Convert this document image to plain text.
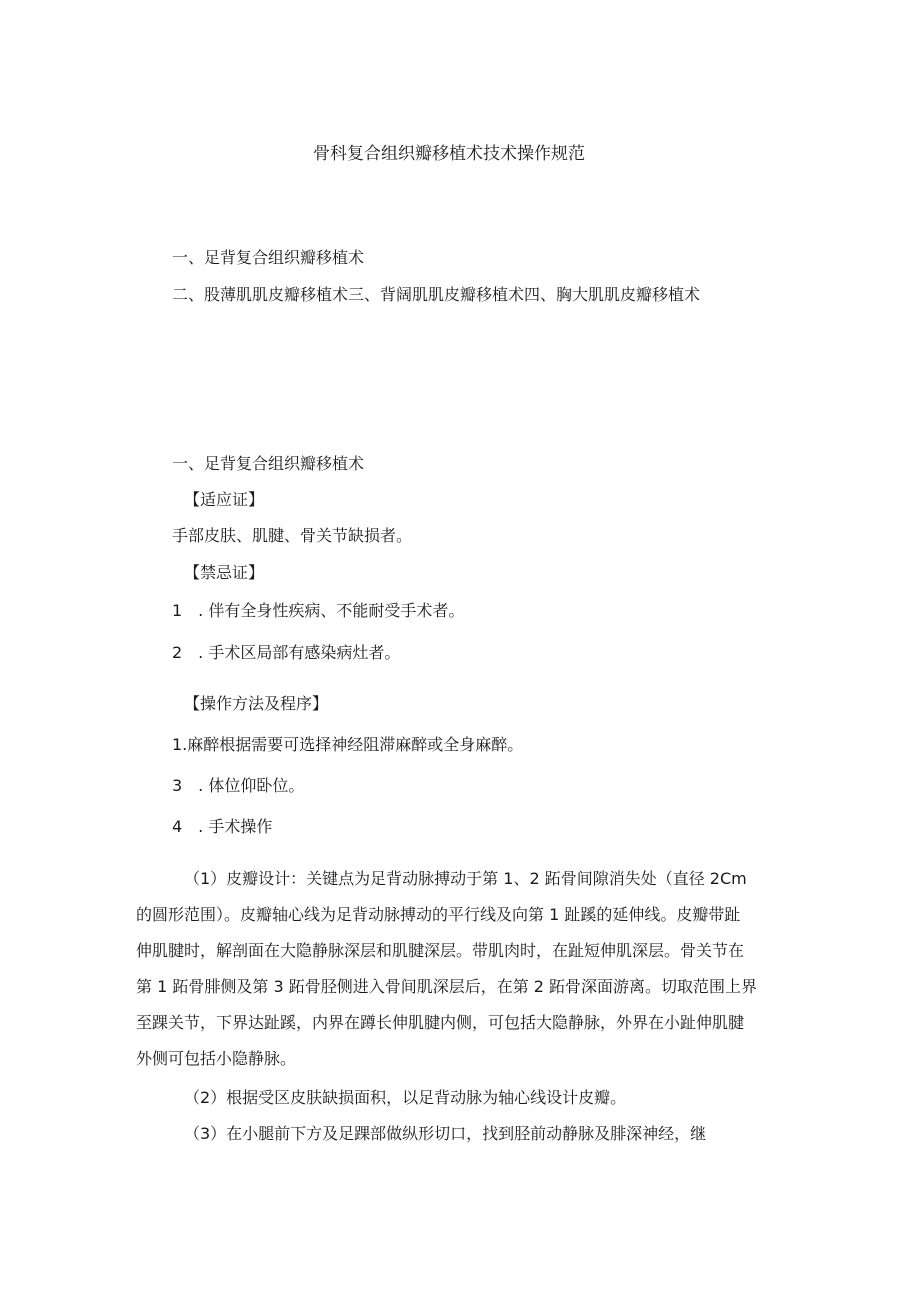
骨科复合组织瓣移植术技术操作规范
一、足背复合组织瓣移植术
二、股薄肌肌皮瓣移植术三、背阔肌肌皮瓣移植术四、胸大肌肌皮瓣移植术
一、足背复合组织瓣移植术
【适应证】
手部皮肤、肌腱、骨关节缺损者。
【禁忌证】
1　. 伴有全身性疾病、不能耐受手术者。
2　. 手术区局部有感染病灶者。
【操作方法及程序】
1.麻醉根据需要可选择神经阻滞麻醉或全身麻醉。
3　. 体位仰卧位。
4　. 手术操作
（1）皮瓣设计：关键点为足背动脉搏动于第 1、2 跖骨间隙消失处（直径 2Cm
的圆形范围）。皮瓣轴心线为足背动脉搏动的平行线及向第 1 趾蹊的延伸线。皮瓣带趾
伸肌腱时，解剖面在大隐静脉深层和肌腱深层。带肌肉时，在趾短伸肌深层。骨关节在
第 1 跖骨腓侧及第 3 跖骨胫侧进入骨间肌深层后，在第 2 跖骨深面游离。切取范围上界
至踝关节，下界达趾蹊，内界在蹲长伸肌腱内侧，可包括大隐静脉，外界在小趾伸肌腱
外侧可包括小隐静脉。
（2）根据受区皮肤缺损面积，以足背动脉为轴心线设计皮瓣。
（3）在小腿前下方及足踝部做纵形切口，找到胫前动静脉及腓深神经，继
